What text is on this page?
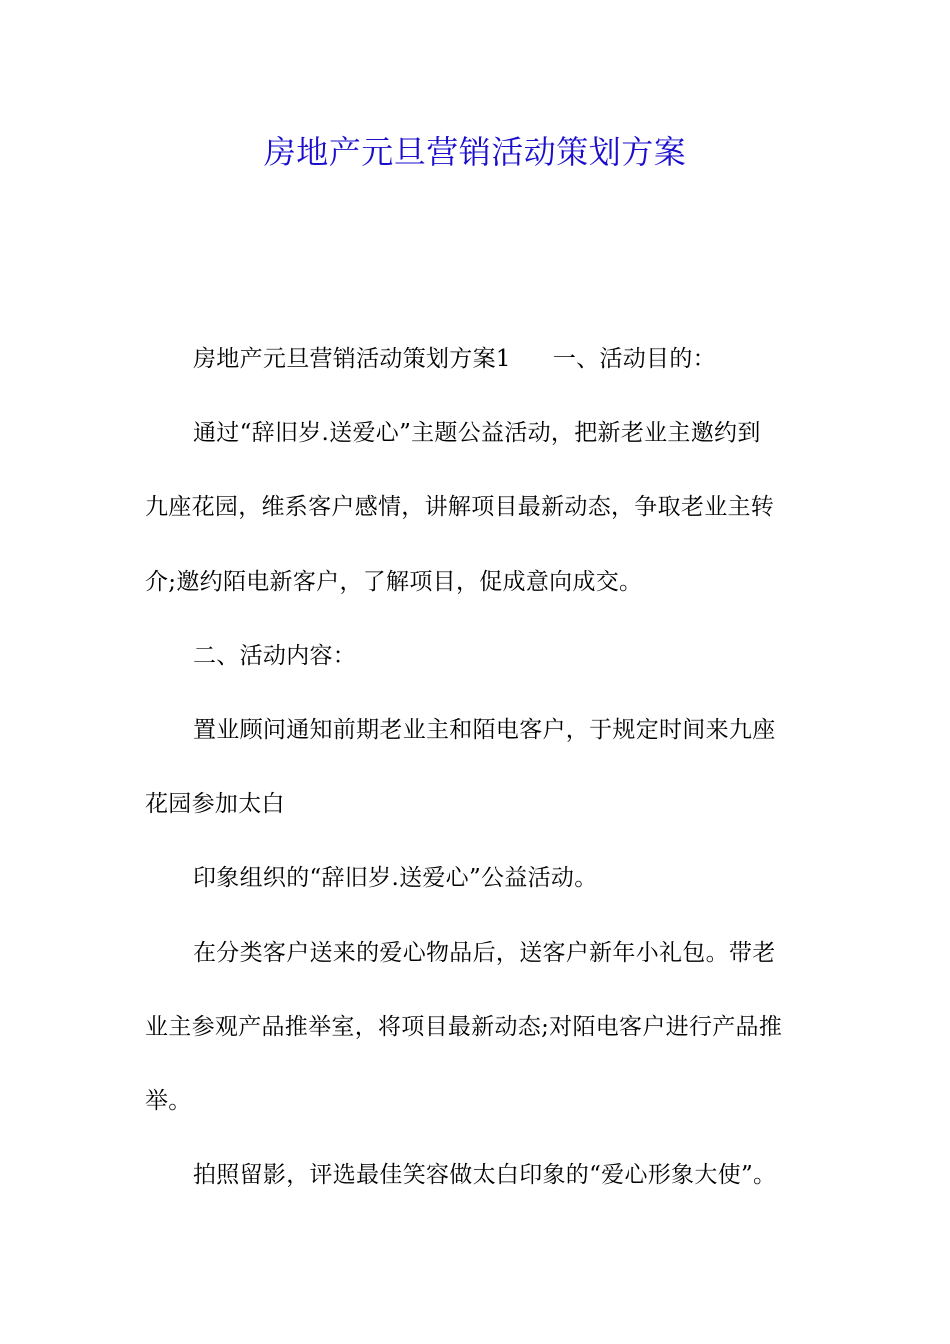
房地产元旦营销活动策划方案
房地产元旦营销活动策划方案1 一、活动目的：
通过“辞旧岁.送爱心”主题公益活动，把新老业主邀约到
九座花园，维系客户感情，讲解项目最新动态，争取老业主转
介;邀约陌电新客户，了解项目，促成意向成交。
二、活动内容：
置业顾问通知前期老业主和陌电客户，于规定时间来九座
花园参加太白
印象组织的“辞旧岁.送爱心”公益活动。
在分类客户送来的爱心物品后，送客户新年小礼包。带老
业主参观产品推举室，将项目最新动态;对陌电客户进行产品推
举。
拍照留影，评选最佳笑容做太白印象的“爱心形象大使”。
